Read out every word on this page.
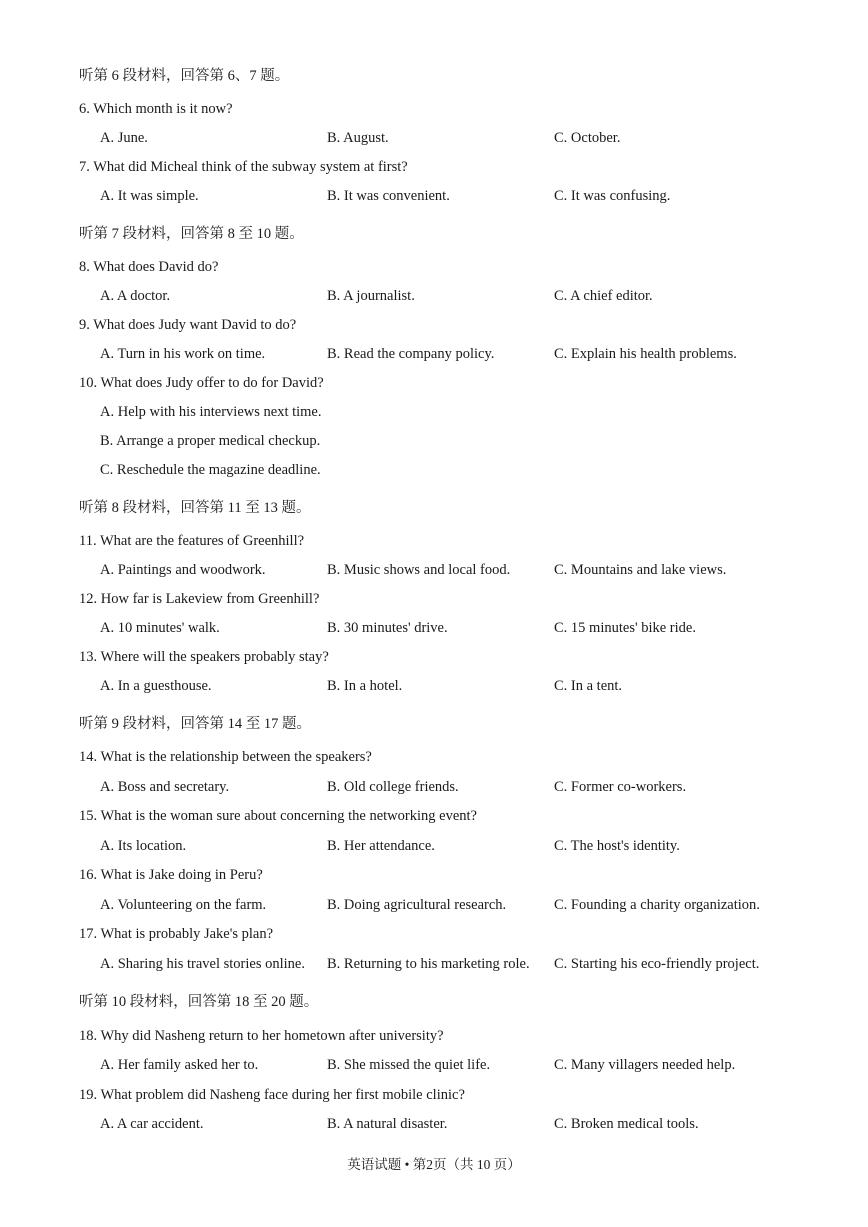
听第 6 段材料，回答第 6、7 题。
6. Which month is it now?
A. June.	B. August.	C. October.
7. What did Micheal think of the subway system at first?
A. It was simple.	B. It was convenient.	C. It was confusing.
听第 7 段材料，回答第 8 至 10 题。
8. What does David do?
A. A doctor.	B. A journalist.	C. A chief editor.
9. What does Judy want David to do?
A. Turn in his work on time.	B. Read the company policy.	C. Explain his health problems.
10. What does Judy offer to do for David?
A. Help with his interviews next time.
B. Arrange a proper medical checkup.
C. Reschedule the magazine deadline.
听第 8 段材料，回答第 11 至 13 题。
11. What are the features of Greenhill?
A. Paintings and woodwork.	B. Music shows and local food.	C. Mountains and lake views.
12. How far is Lakeview from Greenhill?
A. 10 minutes' walk.	B. 30 minutes' drive.	C. 15 minutes' bike ride.
13. Where will the speakers probably stay?
A. In a guesthouse.	B. In a hotel.	C. In a tent.
听第 9 段材料，回答第 14 至 17 题。
14. What is the relationship between the speakers?
A. Boss and secretary.	B. Old college friends.	C. Former co-workers.
15. What is the woman sure about concerning the networking event?
A. Its location.	B. Her attendance.	C. The host's identity.
16. What is Jake doing in Peru?
A. Volunteering on the farm.	B. Doing agricultural research.	C. Founding a charity organization.
17. What is probably Jake's plan?
A. Sharing his travel stories online. B. Returning to his marketing role. C. Starting his eco-friendly project.
听第 10 段材料，回答第 18 至 20 题。
18. Why did Nasheng return to her hometown after university?
A. Her family asked her to.	B. She missed the quiet life.	C. Many villagers needed help.
19. What problem did Nasheng face during her first mobile clinic?
A. A car accident.	B. A natural disaster.	C. Broken medical tools.
英语试题 • 第2页（共 10 页）
